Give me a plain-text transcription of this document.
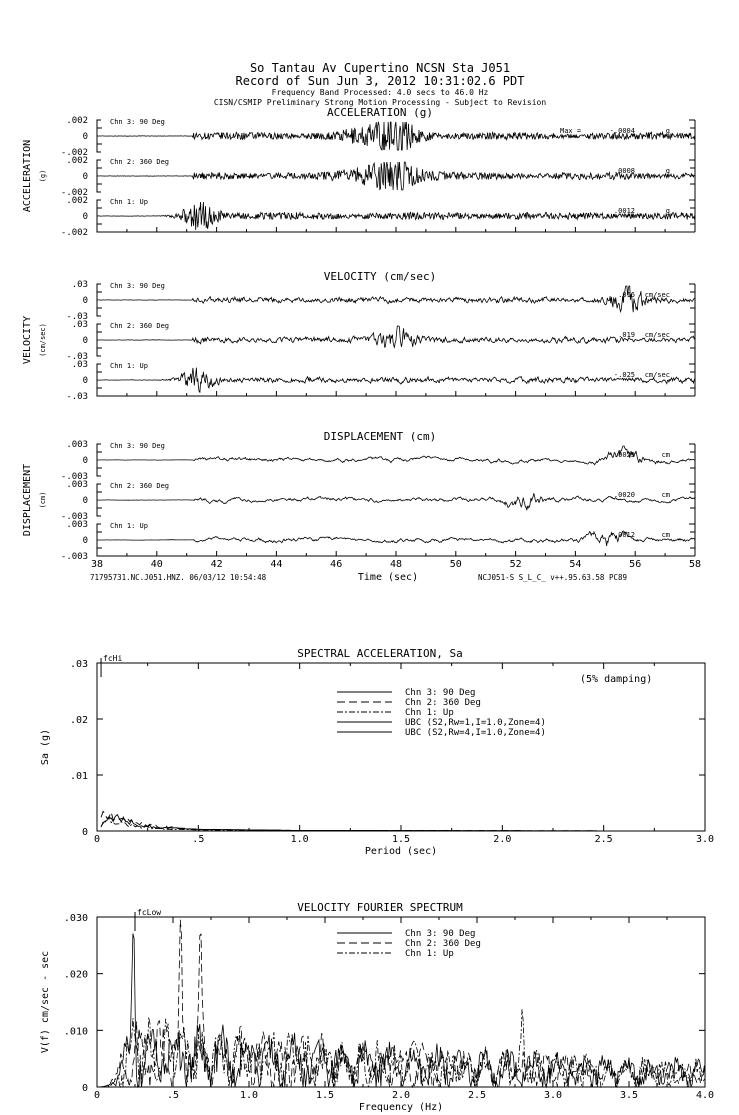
So Tantau Av Cupertino NCSN Sta J051
Record of Sun Jun 3, 2012 10:31:02.6 PDT
Frequency Band Processed: 4.0 secs to 46.0 Hz
CISN/CSMIP Preliminary Strong Motion Processing - Subject to Revision
71795731.NC.J051.HNZ. 06/03/12 10:54:48	NCJ051-S S_L_C_ v++.95.63.58 PC89
ACCELERATION (g)
ACCELERATION (g)
.002
0
-.002
Chn 3: 90 Deg
Max =	-.0004	g
.002
0
-.002
Chn 2: 360 Deg
.0008	g
.002
0
-.002
Chn 1: Up
.0012	g
VELOCITY (cm/sec)
VELOCITY (cm/sec)
.03
0
-.03
Chn 3: 90 Deg
.016 cm/sec
.03
0
-.03
Chn 2: 360 Deg
.019 cm/sec
.03
0
-.03
Chn 1: Up
-.025 cm/sec
DISPLACEMENT (cm)
DISPLACEMENT (cm)
38	40	42	44	46	48	50	52	54	56	58
Time (sec)
.003
0
-.003
Chn 3: 90 Deg
.0023	cm
.003
0
-.003
Chn 2: 360 Deg
.0020	cm
.003
0
-.003
Chn 1: Up
-.0012	cm
SPECTRAL ACCELERATION, Sa
0	.5	1.0	1.5	2.0	2.5	3.0
Period (sec)
.03
.02
.01
0
Sa (g)
fcHi
(5% damping)
Chn 3: 90 Deg
Chn 2: 360 Deg
Chn 1: Up
UBC (S2,Rw=1,I=1.0,Zone=4)
UBC (S2,Rw=4,I=1.0,Zone=4)
VELOCITY FOURIER SPECTRUM
0	.5	1.0	1.5	2.0	2.5	3.0	3.5	4.0
Frequency (Hz)
.030
.020
.010
0
V(f) cm/sec - sec
fcLow
Chn 3: 90 Deg
Chn 2: 360 Deg
Chn 1: Up
